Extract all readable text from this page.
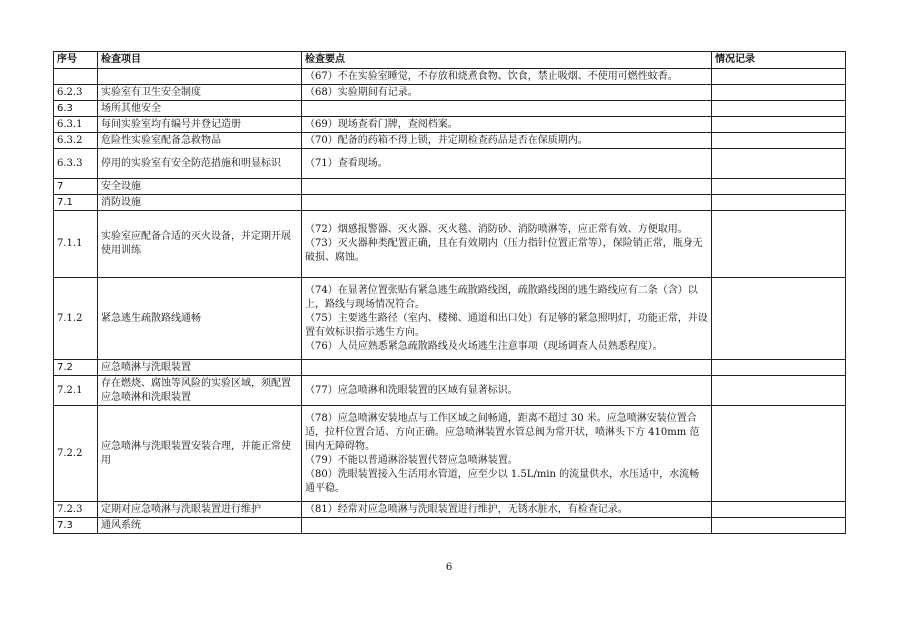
序号	检查项目	检查要点	情况记录

		（67）不在实验室睡觉，不存放和烧煮食物、饮食，禁止吸烟、不使用可燃性蚊香。	

6.2.3	实验室有卫生安全制度	（68）实验期间有记录。	

6.3	场所其他安全		
6.3.1	每间实验室均有编号并登记造册	（69）现场查看门牌，查阅档案。	

6.3.2	危险性实验室配备急救物品	（70）配备的药箱不得上锁，并定期检查药品是否在保质期内。	

6.3.3	停用的实验室有安全防范措施和明显标识	（71）查看现场。	

7	安全设施		
7.1	消防设施		
7.1.1	实验室应配备合适的灭火设备，并定期开展使用训练	（72）烟感报警器、灭火器、灭火毯、消防砂、消防喷淋等，应正常有效、方便取用。
（73）灭火器种类配置正确，且在有效期内（压力指针位置正常等），保险销正常，瓶身无破损、腐蚀。	

7.1.2	紧急逃生疏散路线通畅	（74）在显著位置张贴有紧急逃生疏散路线图，疏散路线图的逃生路线应有二条（含）以上，路线与现场情况符合。
（75）主要逃生路径（室内、楼梯、通道和出口处）有足够的紧急照明灯，功能正常，并设置有效标识指示逃生方向。
（76）人员应熟悉紧急疏散路线及火场逃生注意事项（现场调查人员熟悉程度）。	

7.2	应急喷淋与洗眼装置		
7.2.1	存在燃烧、腐蚀等风险的实验区域，须配置应急喷淋和洗眼装置	（77）应急喷淋和洗眼装置的区域有显著标识。	

7.2.2	应急喷淋与洗眼装置安装合理，并能正常使用	（78）应急喷淋安装地点与工作区域之间畅通，距离不超过 30 米。应急喷淋安装位置合适，拉杆位置合适、方向正确。应急喷淋装置水管总阀为常开状，喷淋头下方 410mm 范围内无障碍物。
（79）不能以普通淋浴装置代替应急喷淋装置。
（80）洗眼装置接入生活用水管道，应至少以 1.5L/min 的流量供水，水压适中，水流畅通平稳。	

7.2.3	定期对应急喷淋与洗眼装置进行维护	（81）经常对应急喷淋与洗眼装置进行维护，无锈水脏水，有检查记录。	

7.3	通风系统		
6
